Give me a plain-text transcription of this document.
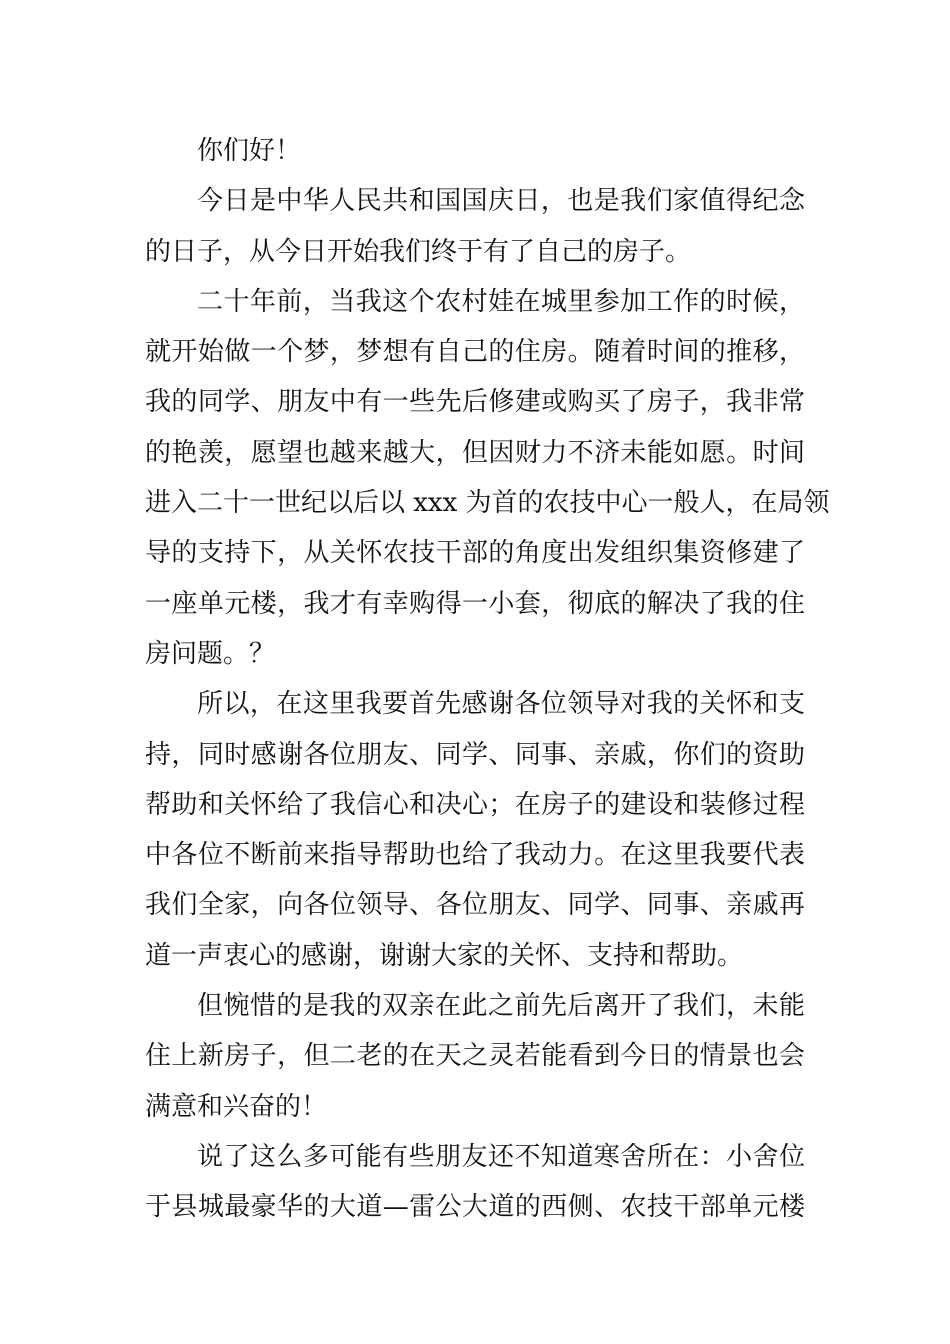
你们好！
今日是中华人民共和国国庆日，也是我们家值得纪念
的日子，从今日开始我们终于有了自己的房子。
二十年前，当我这个农村娃在城里参加工作的时候，
就开始做一个梦，梦想有自己的住房。随着时间的推移，
我的同学、朋友中有一些先后修建或购买了房子，我非常
的艳羡，愿望也越来越大，但因财力不济未能如愿。时间
进入二十一世纪以后以 xxx 为首的农技中心一般人，在局领
导的支持下，从关怀农技干部的角度出发组织集资修建了
一座单元楼，我才有幸购得一小套，彻底的解决了我的住
房问题。？
所以，在这里我要首先感谢各位领导对我的关怀和支
持，同时感谢各位朋友、同学、同事、亲戚，你们的资助
帮助和关怀给了我信心和决心；在房子的建设和装修过程
中各位不断前来指导帮助也给了我动力。在这里我要代表
我们全家，向各位领导、各位朋友、同学、同事、亲戚再
道一声衷心的感谢，谢谢大家的关怀、支持和帮助。
但惋惜的是我的双亲在此之前先后离开了我们，未能
住上新房子，但二老的在天之灵若能看到今日的情景也会
满意和兴奋的！
说了这么多可能有些朋友还不知道寒舍所在：小舍位
于县城最豪华的大道—雷公大道的西侧、农技干部单元楼
